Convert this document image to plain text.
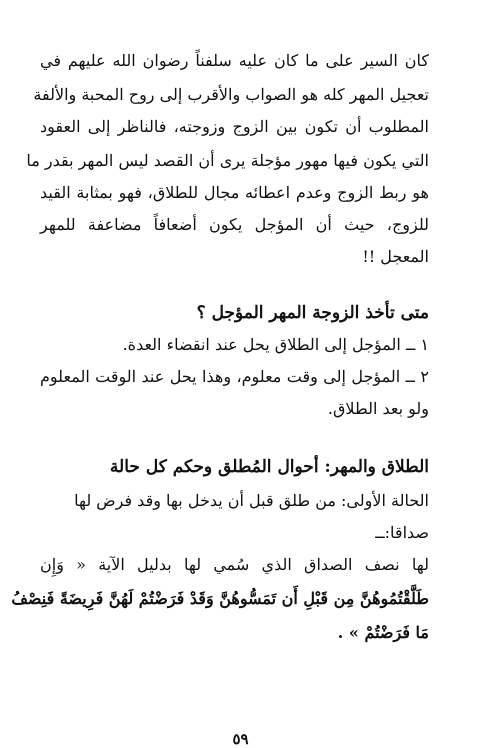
كان السير على ما كان عليه سلفناً رضوان الله عليهم في
تعجيل المهر كله هو الصواب والأقرب إلى روح المحبة والألفة
المطلوب أن تكون بين الزوج وزوجته، فالناظر إلى العقود
التي يكون فيها مهور مؤجلة يرى أن القصد ليس المهر بقدر ما
هو ربط الزوج وعدم اعطائه مجال للطلاق، فهو بمثابة القيد
للزوج، حيث أن المؤجل يكون أضعافاً مضاعفة للمهر
المعجل !!
متى تأخذ الزوجة المهر المؤجل ؟
١ ــ المؤجل إلى الطلاق يحل عند انقضاء العدة.
٢ ــ المؤجل إلى وقت معلوم، وهذا يحل عند الوقت المعلوم
ولو بعد الطلاق.
الطلاق والمهر: أحوال المُطلق وحكم كل حالة
الحالة الأولى: من طلق قبل أن يدخل بها وقد فرض لها
صداقا:ــ
لها نصف الصداق الذي سُمي لها بدليل الآية « وَإِن
طَلَّقْتُمُوهُنَّ مِن قَبْلِ أَن تَمَسُّوهُنَّ وَقَدْ فَرَضْتُمْ لَهُنَّ فَرِيضَةً فَنِصْفُ
مَا فَرَضْتُمْ » .
٥٩
